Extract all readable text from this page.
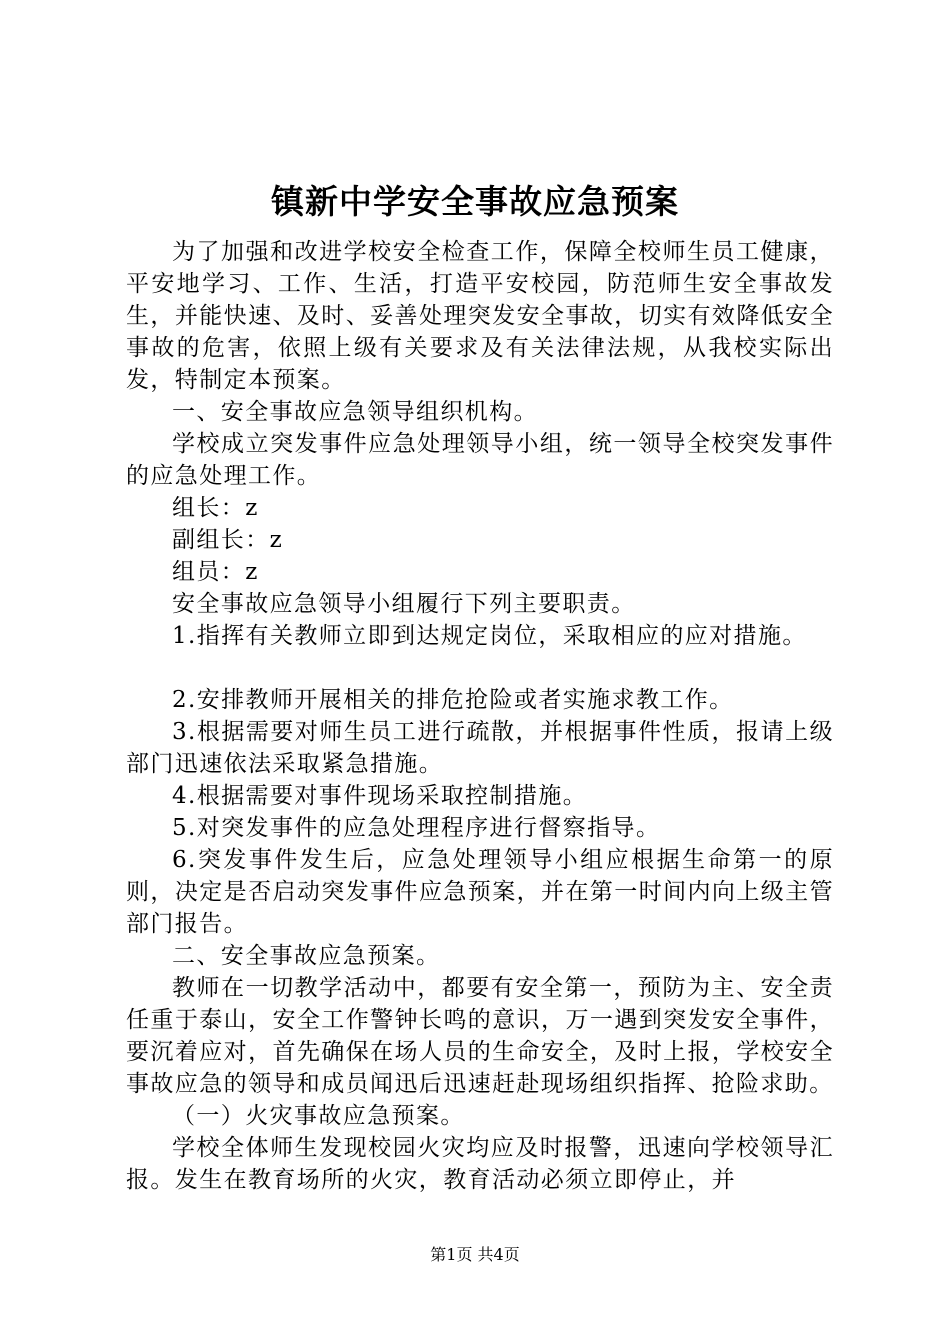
镇新中学安全事故应急预案

为了加强和改进学校安全检查工作，保障全校师生员工健康，平安地学习、工作、生活，打造平安校园，防范师生安全事故发生，并能快速、及时、妥善处理突发安全事故，切实有效降低安全事故的危害，依照上级有关要求及有关法律法规，从我校实际出发，特制定本预案。

一、安全事故应急领导组织机构。

学校成立突发事件应急处理领导小组，统一领导全校突发事件的应急处理工作。

组长：z

副组长：z

组员：z

安全事故应急领导小组履行下列主要职责。

1.指挥有关教师立即到达规定岗位，采取相应的应对措施。

2.安排教师开展相关的排危抢险或者实施求教工作。

3.根据需要对师生员工进行疏散，并根据事件性质，报请上级部门迅速依法采取紧急措施。

4.根据需要对事件现场采取控制措施。

5.对突发事件的应急处理程序进行督察指导。

6.突发事件发生后，应急处理领导小组应根据生命第一的原则，决定是否启动突发事件应急预案，并在第一时间内向上级主管部门报告。

二、安全事故应急预案。

教师在一切教学活动中，都要有安全第一，预防为主、安全责任重于泰山，安全工作警钟长鸣的意识，万一遇到突发安全事件，要沉着应对，首先确保在场人员的生命安全，及时上报，学校安全事故应急的领导和成员闻迅后迅速赶赴现场组织指挥、抢险求助。

（一）火灾事故应急预案。

学校全体师生发现校园火灾均应及时报警，迅速向学校领导汇报。发生在教育场所的火灾，教育活动必须立即停止，并

第1页 共4页
